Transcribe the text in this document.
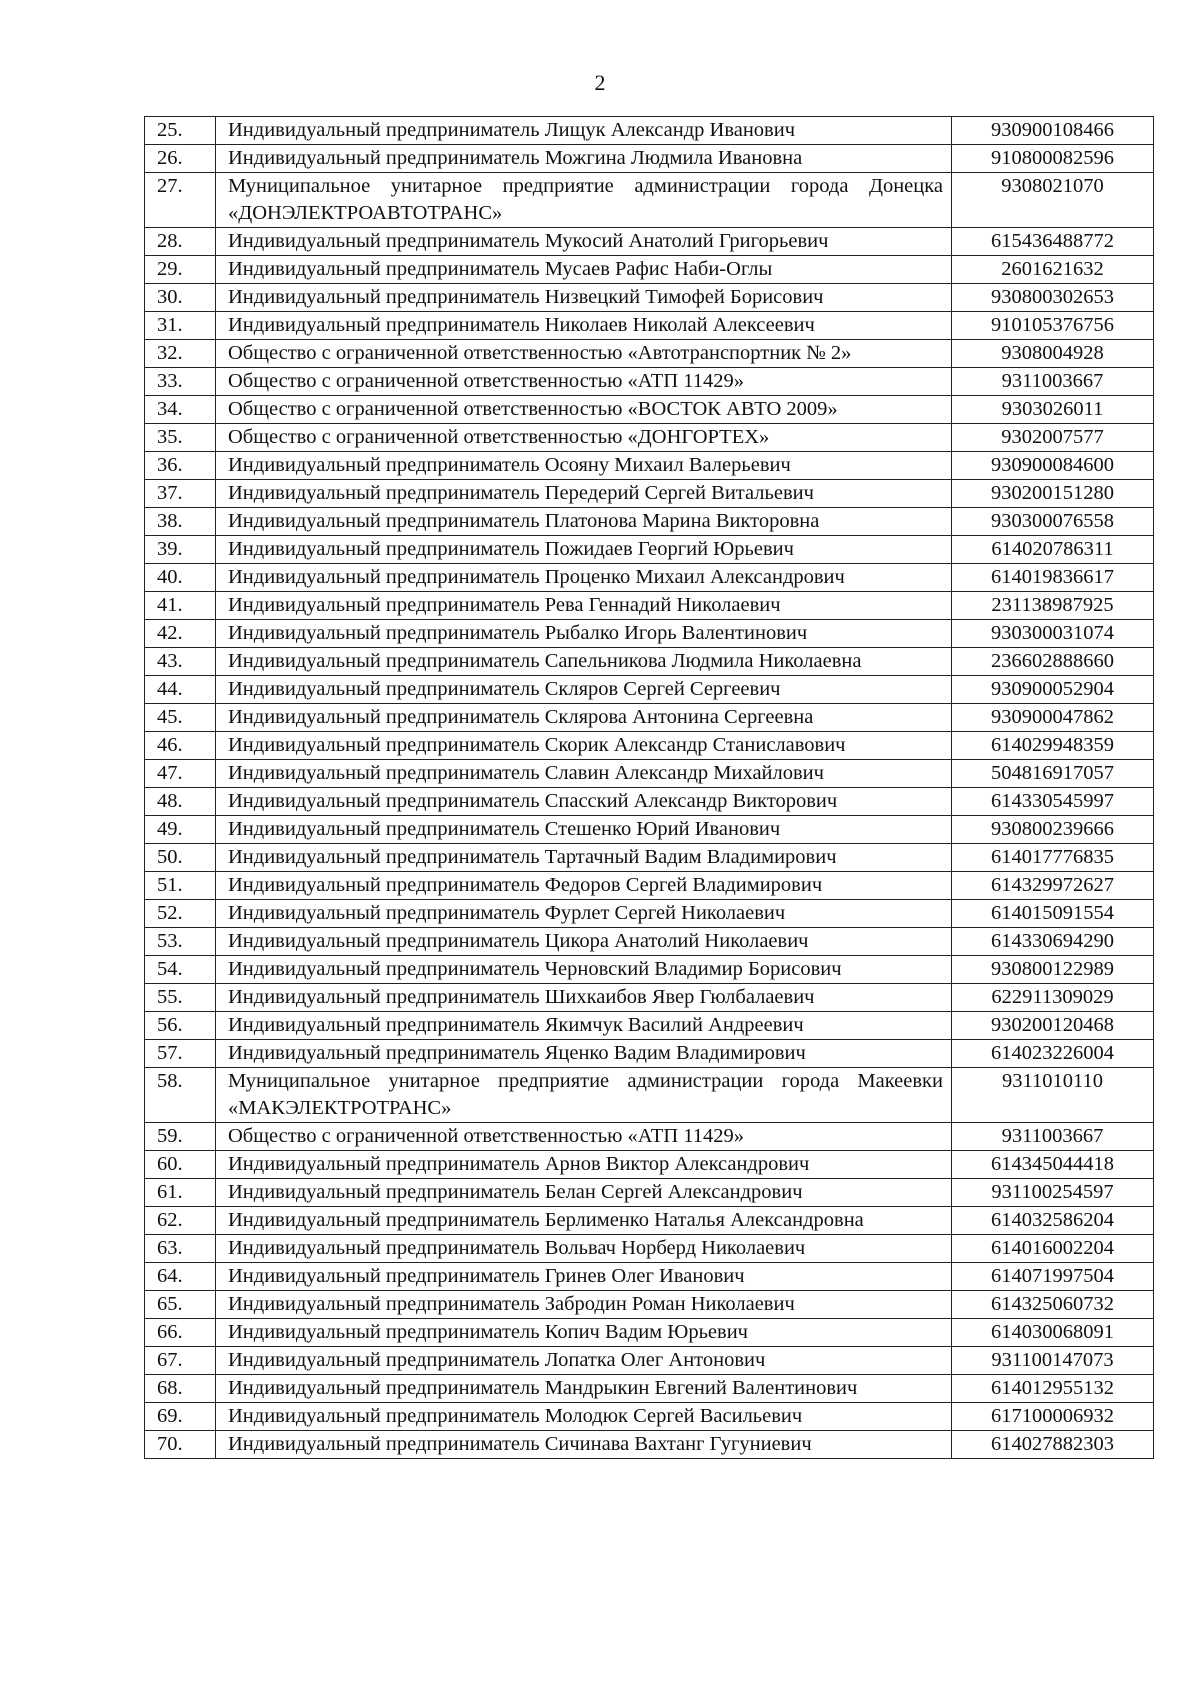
2
25.	Индивидуальный предприниматель Лищук Александр Иванович	930900108466
26.	Индивидуальный предприниматель Можгина Людмила Ивановна	910800082596
27.	Муниципальное унитарное предприятие администрации города Донецка «ДОНЭЛЕКТРОАВТОТРАНС»	9308021070
28.	Индивидуальный предприниматель Мукосий Анатолий Григорьевич	615436488772
29.	Индивидуальный предприниматель Мусаев Рафис Наби-Оглы	2601621632
30.	Индивидуальный предприниматель Низвецкий Тимофей Борисович	930800302653
31.	Индивидуальный предприниматель Николаев Николай Алексеевич	910105376756
32.	Общество с ограниченной ответственностью «Автотранспортник № 2»	9308004928
33.	Общество с ограниченной ответственностью «АТП 11429»	9311003667
34.	Общество с ограниченной ответственностью «ВОСТОК АВТО 2009»	9303026011
35.	Общество с ограниченной ответственностью «ДОНГОРТЕХ»	9302007577
36.	Индивидуальный предприниматель Осояну Михаил Валерьевич	930900084600
37.	Индивидуальный предприниматель Передерий Сергей Витальевич	930200151280
38.	Индивидуальный предприниматель Платонова Марина Викторовна	930300076558
39.	Индивидуальный предприниматель Пожидаев Георгий Юрьевич	614020786311
40.	Индивидуальный предприниматель Проценко Михаил Александрович	614019836617
41.	Индивидуальный предприниматель Рева Геннадий Николаевич	231138987925
42.	Индивидуальный предприниматель Рыбалко Игорь Валентинович	930300031074
43.	Индивидуальный предприниматель Сапельникова Людмила Николаевна	236602888660
44.	Индивидуальный предприниматель Скляров Сергей Сергеевич	930900052904
45.	Индивидуальный предприниматель Склярова Антонина Сергеевна	930900047862
46.	Индивидуальный предприниматель Скорик Александр Станиславович	614029948359
47.	Индивидуальный предприниматель Славин Александр Михайлович	504816917057
48.	Индивидуальный предприниматель Спасский Александр Викторович	614330545997
49.	Индивидуальный предприниматель Стешенко Юрий Иванович	930800239666
50.	Индивидуальный предприниматель Тартачный Вадим Владимирович	614017776835
51.	Индивидуальный предприниматель Федоров Сергей Владимирович	614329972627
52.	Индивидуальный предприниматель Фурлет Сергей Николаевич	614015091554
53.	Индивидуальный предприниматель Цикора Анатолий Николаевич	614330694290
54.	Индивидуальный предприниматель Черновский Владимир Борисович	930800122989
55.	Индивидуальный предприниматель Шихкаибов Явер Гюлбалаевич	622911309029
56.	Индивидуальный предприниматель Якимчук Василий Андреевич	930200120468
57.	Индивидуальный предприниматель Яценко Вадим Владимирович	614023226004
58.	Муниципальное унитарное предприятие администрации города Макеевки «МАКЭЛЕКТРОТРАНС»	9311010110
59.	Общество с ограниченной ответственностью «АТП 11429»	9311003667
60.	Индивидуальный предприниматель Арнов Виктор Александрович	614345044418
61.	Индивидуальный предприниматель Белан Сергей Александрович	931100254597
62.	Индивидуальный предприниматель Берлименко Наталья Александровна	614032586204
63.	Индивидуальный предприниматель Вольвач Норберд Николаевич	614016002204
64.	Индивидуальный предприниматель Гринев Олег Иванович	614071997504
65.	Индивидуальный предприниматель Забродин Роман Николаевич	614325060732
66.	Индивидуальный предприниматель Копич Вадим Юрьевич	614030068091
67.	Индивидуальный предприниматель Лопатка Олег Антонович	931100147073
68.	Индивидуальный предприниматель Мандрыкин Евгений Валентинович	614012955132
69.	Индивидуальный предприниматель Молодюк Сергей Васильевич	617100006932
70.	Индивидуальный предприниматель Сичинава Вахтанг Гугуниевич	614027882303
